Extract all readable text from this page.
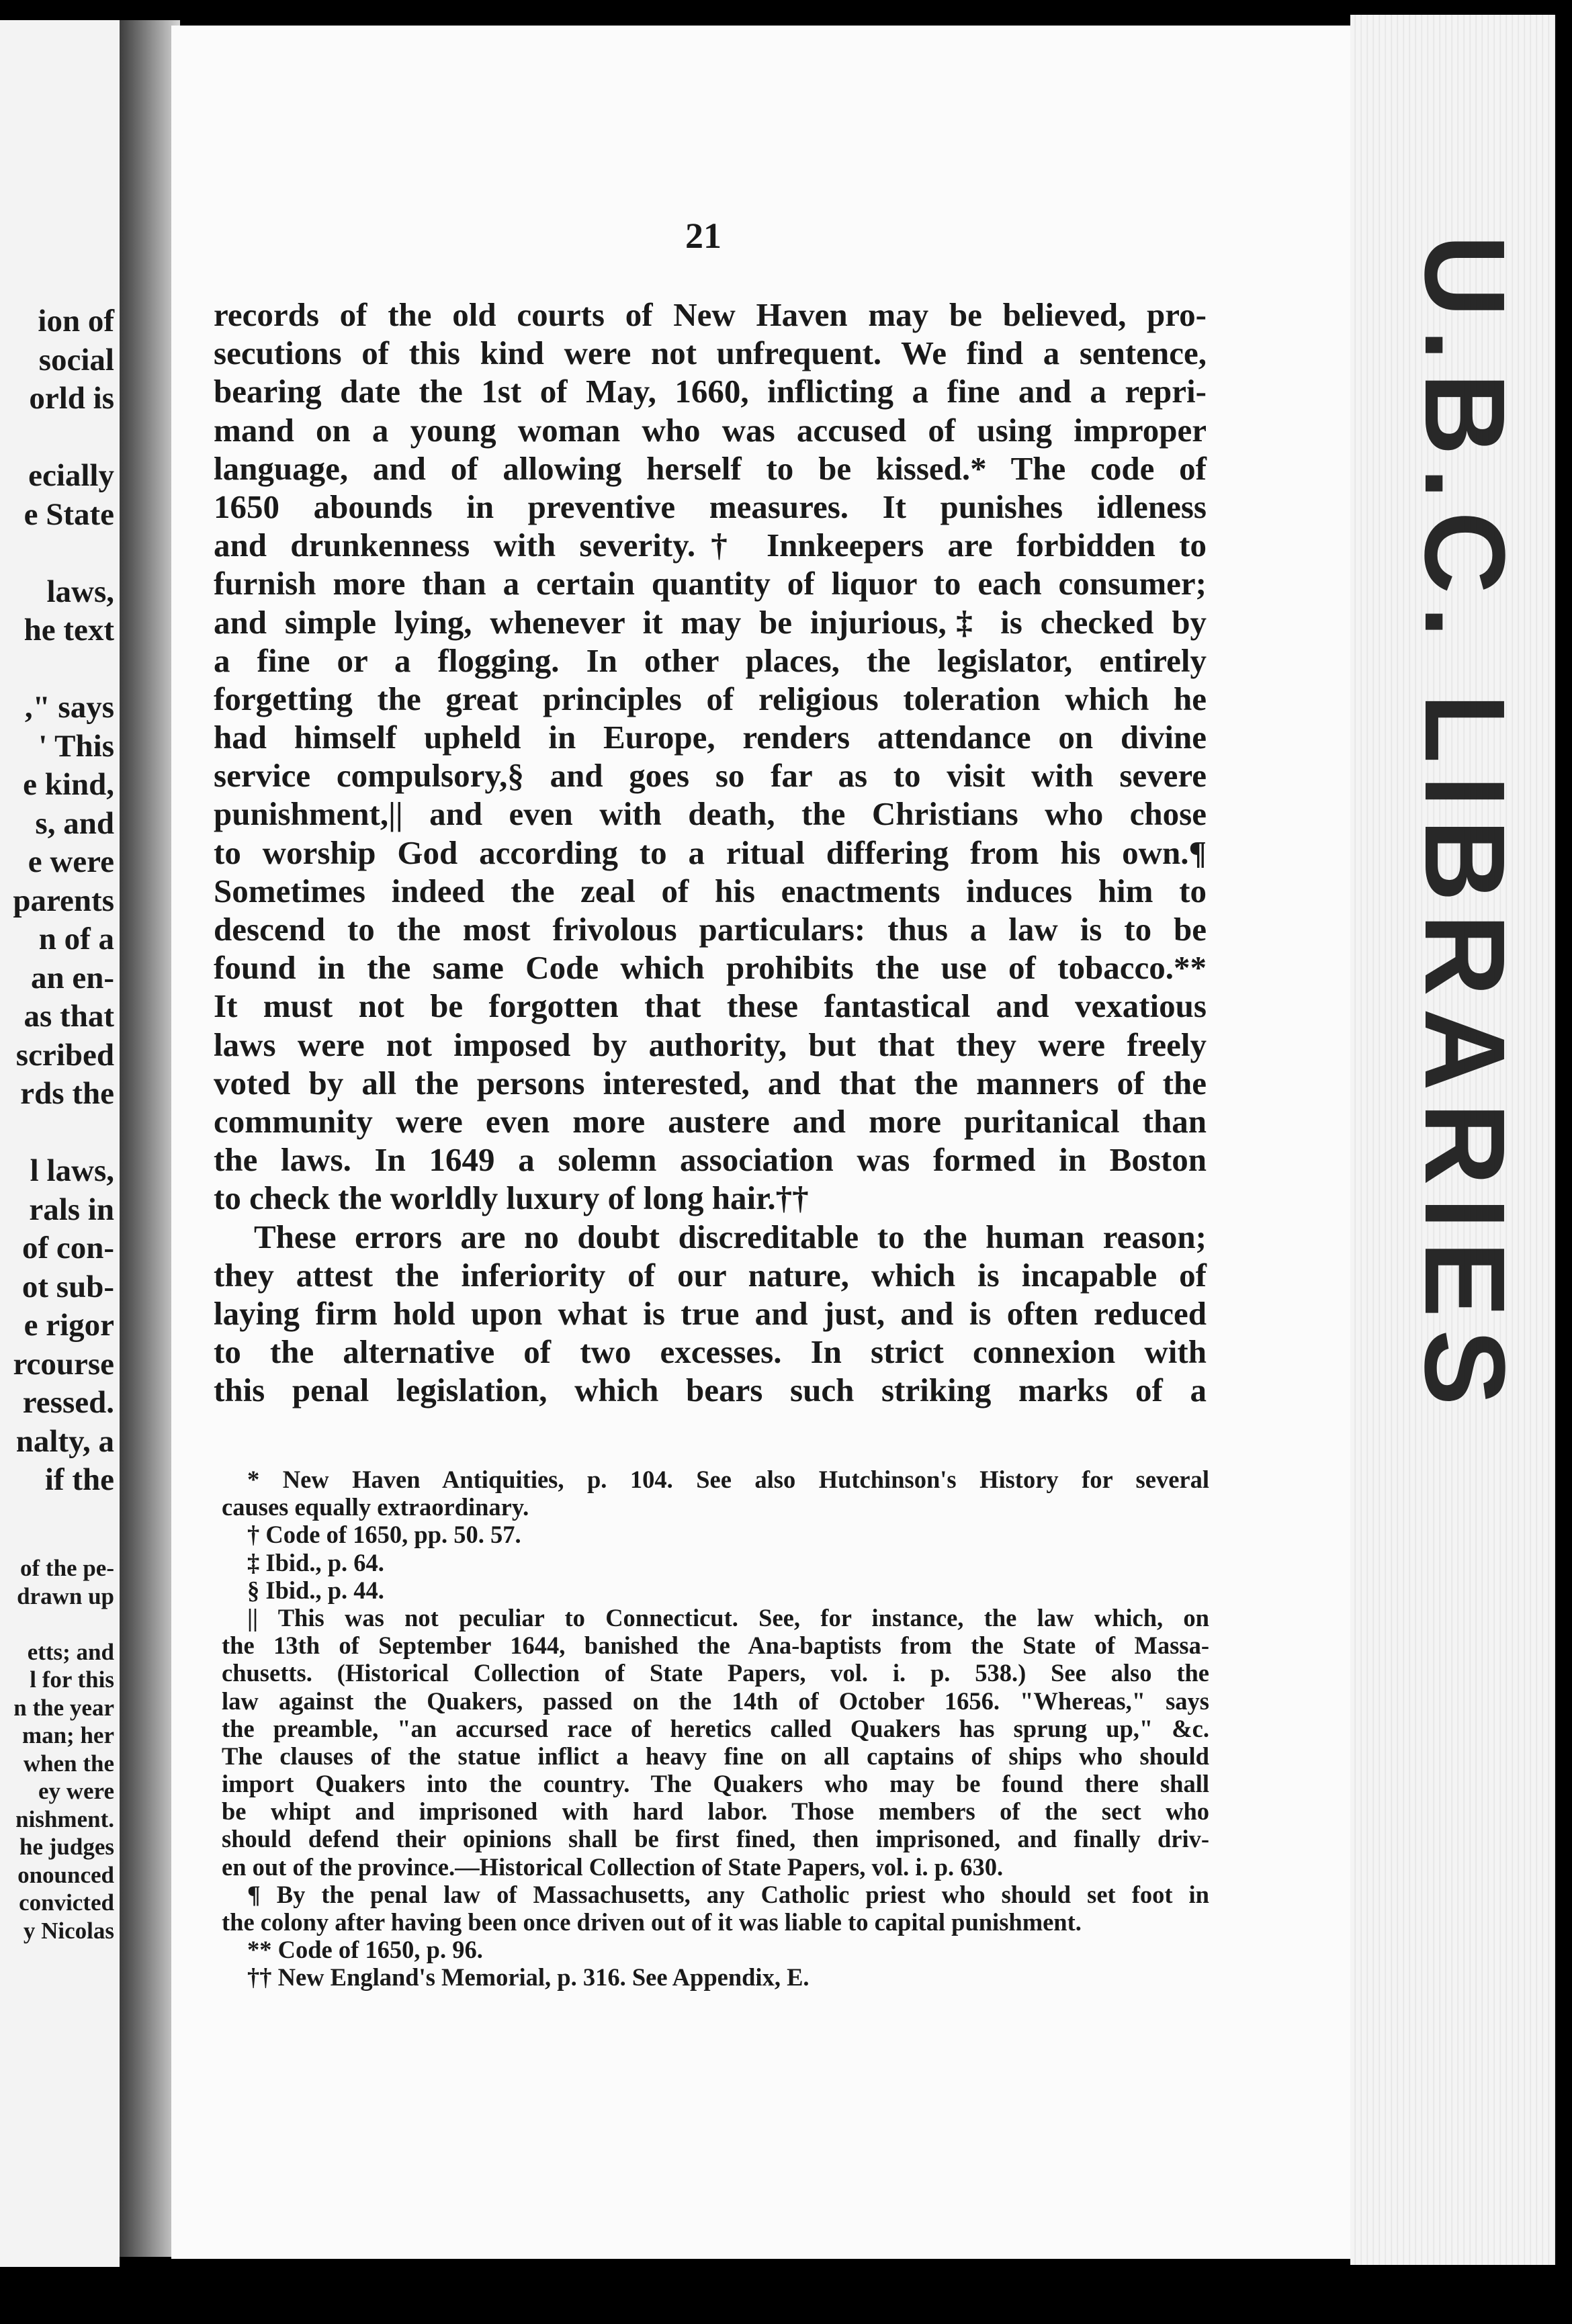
ion of
social
orld is
ecially
e State
laws,
he text
," says
' This
e kind,
s, and
e were
parents
n of a
an en-
as that
scribed
rds the
l laws,
rals in
of con-
ot sub-
e rigor
rcourse
ressed.
nalty, a
if the
of the pe-
drawn up
etts; and
l for this
n the year
man; her
when the
ey were
nishment.
he judges
onounced
convicted
y Nicolas
U.B.C. LIBRARIES
21
records of the old courts of New Haven may be believed, pro-
secutions of this kind were not unfrequent. We find a sentence,
bearing date the 1st of May, 1660, inflicting a fine and a repri-
mand on a young woman who was accused of using improper
language, and of allowing herself to be kissed.* The code of
1650 abounds in preventive measures. It punishes idleness
and drunkenness with severity.† Innkeepers are forbidden to
furnish more than a certain quantity of liquor to each consumer;
and simple lying, whenever it may be injurious,‡ is checked by
a fine or a flogging. In other places, the legislator, entirely
forgetting the great principles of religious toleration which he
had himself upheld in Europe, renders attendance on divine
service compulsory,§ and goes so far as to visit with severe
punishment,|| and even with death, the Christians who chose
to worship God according to a ritual differing from his own.¶
Sometimes indeed the zeal of his enactments induces him to
descend to the most frivolous particulars: thus a law is to be
found in the same Code which prohibits the use of tobacco.**
It must not be forgotten that these fantastical and vexatious
laws were not imposed by authority, but that they were freely
voted by all the persons interested, and that the manners of the
community were even more austere and more puritanical than
the laws. In 1649 a solemn association was formed in Boston
to check the worldly luxury of long hair.††
These errors are no doubt discreditable to the human reason;
they attest the inferiority of our nature, which is incapable of
laying firm hold upon what is true and just, and is often reduced
to the alternative of two excesses. In strict connexion with
this penal legislation, which bears such striking marks of a
* New Haven Antiquities, p. 104. See also Hutchinson's History for several
causes equally extraordinary.
† Code of 1650, pp. 50. 57.
‡ Ibid., p. 64.
§ Ibid., p. 44.
|| This was not peculiar to Connecticut. See, for instance, the law which, on
the 13th of September 1644, banished the Ana-baptists from the State of Massa-
chusetts. (Historical Collection of State Papers, vol. i. p. 538.) See also the
law against the Quakers, passed on the 14th of October 1656. "Whereas," says
the preamble, "an accursed race of heretics called Quakers has sprung up," &c.
The clauses of the statue inflict a heavy fine on all captains of ships who should
import Quakers into the country. The Quakers who may be found there shall
be whipt and imprisoned with hard labor. Those members of the sect who
should defend their opinions shall be first fined, then imprisoned, and finally driv-
en out of the province.—Historical Collection of State Papers, vol. i. p. 630.
¶ By the penal law of Massachusetts, any Catholic priest who should set foot in
the colony after having been once driven out of it was liable to capital punishment.
** Code of 1650, p. 96.
†† New England's Memorial, p. 316. See Appendix, E.
